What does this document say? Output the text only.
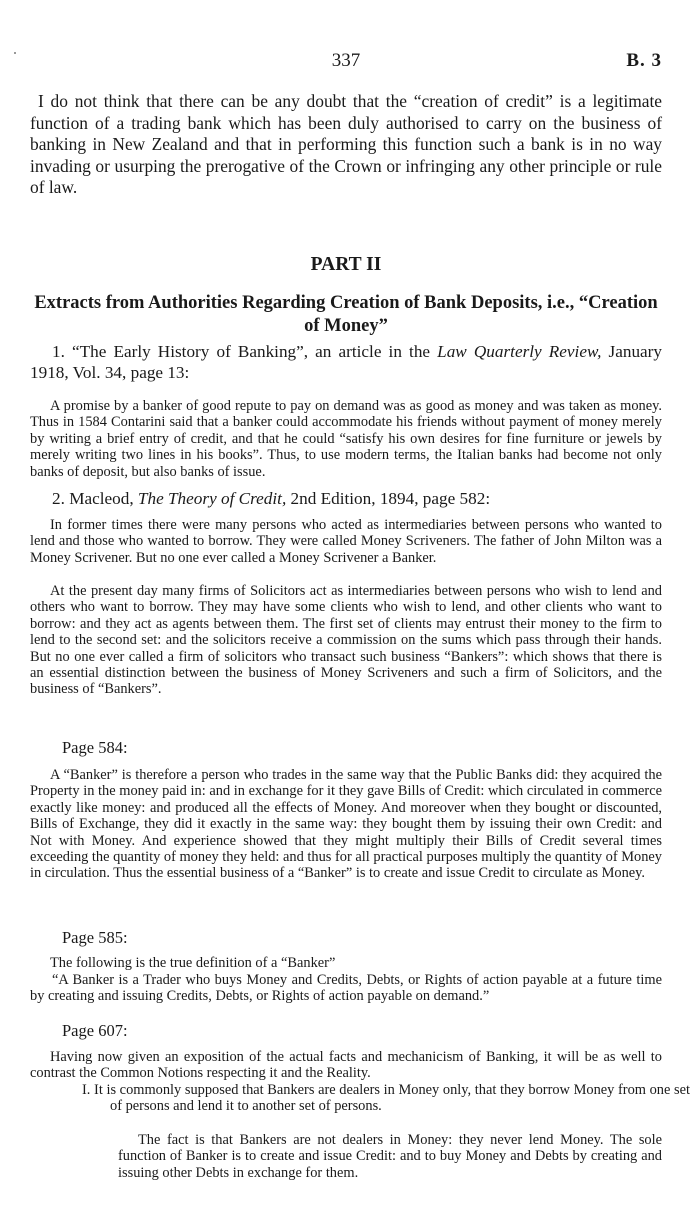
337	B. 3

I do not think that there can be any doubt that the “creation of credit” is a legitimate function of a trading bank which has been duly authorised to carry on the business of banking in New Zealand and that in performing this function such a bank is in no way invading or usurping the prerogative of the Crown or infringing any other principle or rule of law.

PART II
Extracts from Authorities Regarding Creation of Bank Deposits, i.e., “Creation of Money”

1. “The Early History of Banking”, an article in the Law Quarterly Review, January 1918, Vol. 34, page 13:

A promise by a banker of good repute to pay on demand was as good as money and was taken as money. Thus in 1584 Contarini said that a banker could accommodate his friends without payment of money merely by writing a brief entry of credit, and that he could “satisfy his own desires for fine furniture or jewels by merely writing two lines in his books”. Thus, to use modern terms, the Italian banks had become not only banks of deposit, but also banks of issue.

2. Macleod, The Theory of Credit, 2nd Edition, 1894, page 582:

In former times there were many persons who acted as intermediaries between persons who wanted to lend and those who wanted to borrow. They were called Money Scriveners. The father of John Milton was a Money Scrivener. But no one ever called a Money Scrivener a Banker.

At the present day many firms of Solicitors act as intermediaries between persons who wish to lend and others who want to borrow. They may have some clients who wish to lend, and other clients who want to borrow: and they act as agents between them. The first set of clients may entrust their money to the firm to lend to the second set: and the solicitors receive a commission on the sums which pass through their hands. But no one ever called a firm of solicitors who transact such business “Bankers”: which shows that there is an essential distinction between the business of Money Scriveners and such a firm of Solicitors, and the business of “Bankers”.

Page 584:

A “Banker” is therefore a person who trades in the same way that the Public Banks did: they acquired the Property in the money paid in: and in exchange for it they gave Bills of Credit: which circulated in commerce exactly like money: and produced all the effects of Money. And moreover when they bought or discounted, Bills of Exchange, they did it exactly in the same way: they bought them by issuing their own Credit: and Not with Money. And experience showed that they might multiply their Bills of Credit several times exceeding the quantity of money they held: and thus for all practical purposes multiply the quantity of Money in circulation. Thus the essential business of a “Banker” is to create and issue Credit to circulate as Money.

Page 585:

The following is the true definition of a “Banker”

“A Banker is a Trader who buys Money and Credits, Debts, or Rights of action payable at a future time by creating and issuing Credits, Debts, or Rights of action payable on demand.”

Page 607:

Having now given an exposition of the actual facts and mechanicism of Banking, it will be as well to contrast the Common Notions respecting it and the Reality.

I. It is commonly supposed that Bankers are dealers in Money only, that they borrow Money from one set of persons and lend it to another set of persons.

The fact is that Bankers are not dealers in Money: they never lend Money. The sole function of Banker is to create and issue Credit: and to buy Money and Debts by creating and issuing other Debts in exchange for them.
